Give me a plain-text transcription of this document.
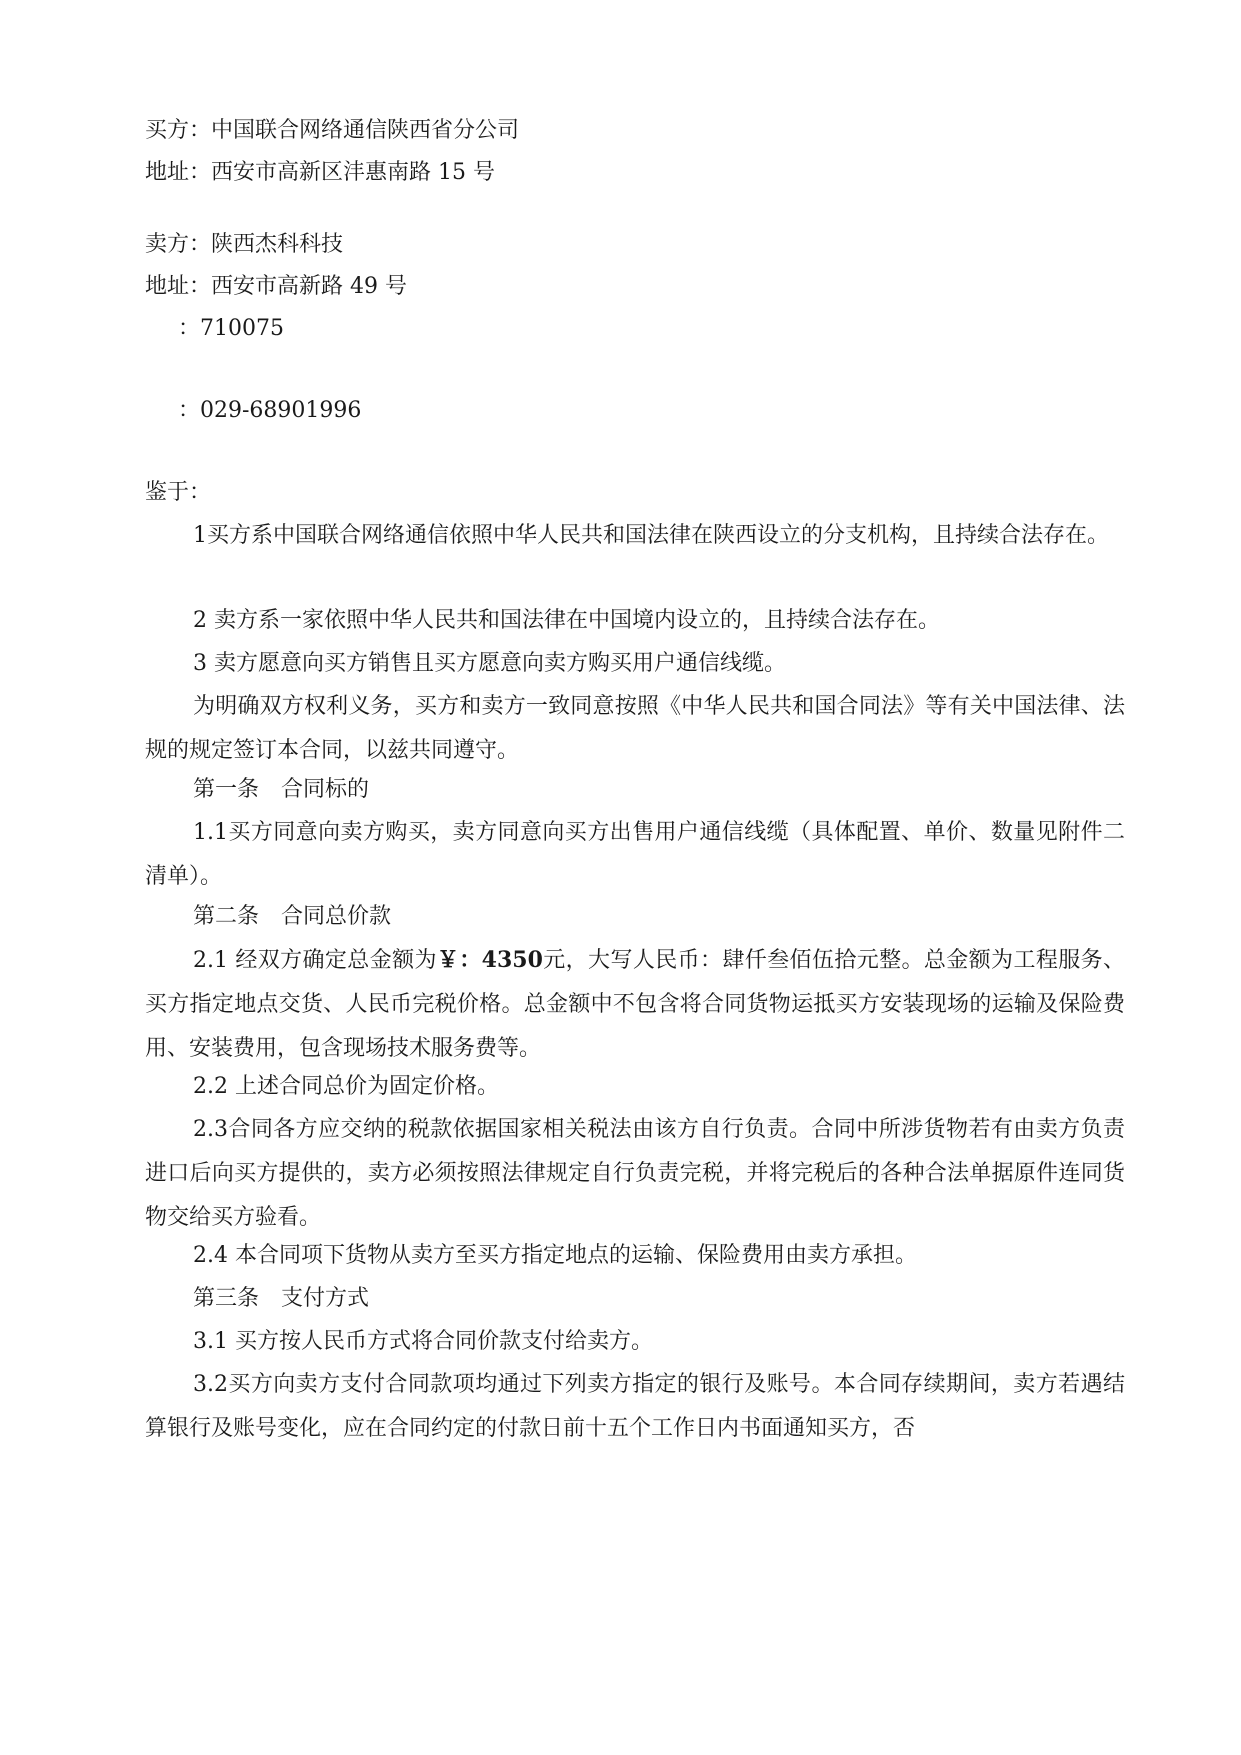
买方：中国联合网络通信陕西省分公司
地址：西安市高新区沣惠南路 15 号
卖方：陕西杰科科技
地址：西安市高新路 49 号
：710075
：029-68901996
鉴于：
1买方系中国联合网络通信依照中华人民共和国法律在陕西设立的分支机构，且持续合法存在。
2 卖方系一家依照中华人民共和国法律在中国境内设立的，且持续合法存在。
3 卖方愿意向买方销售且买方愿意向卖方购买用户通信线缆。
为明确双方权利义务，买方和卖方一致同意按照《中华人民共和国合同法》等有关中国法律、法规的规定签订本合同，以兹共同遵守。
第一条　合同标的
1.1买方同意向卖方购买，卖方同意向买方出售用户通信线缆（具体配置、单价、数量见附件二清单）。
第二条　合同总价款
2.1 经双方确定总金额为￥：4350元，大写人民币：肆仟叁佰伍拾元整。总金额为工程服务、买方指定地点交货、人民币完税价格。总金额中不包含将合同货物运抵买方安装现场的运输及保险费用、安装费用，包含现场技术服务费等。
2.2 上述合同总价为固定价格。
2.3合同各方应交纳的税款依据国家相关税法由该方自行负责。合同中所涉货物若有由卖方负责进口后向买方提供的，卖方必须按照法律规定自行负责完税，并将完税后的各种合法单据原件连同货物交给买方验看。
2.4 本合同项下货物从卖方至买方指定地点的运输、保险费用由卖方承担。
第三条　支付方式
3.1 买方按人民币方式将合同价款支付给卖方。
3.2买方向卖方支付合同款项均通过下列卖方指定的银行及账号。本合同存续期间，卖方若遇结算银行及账号变化，应在合同约定的付款日前十五个工作日内书面通知买方，否
